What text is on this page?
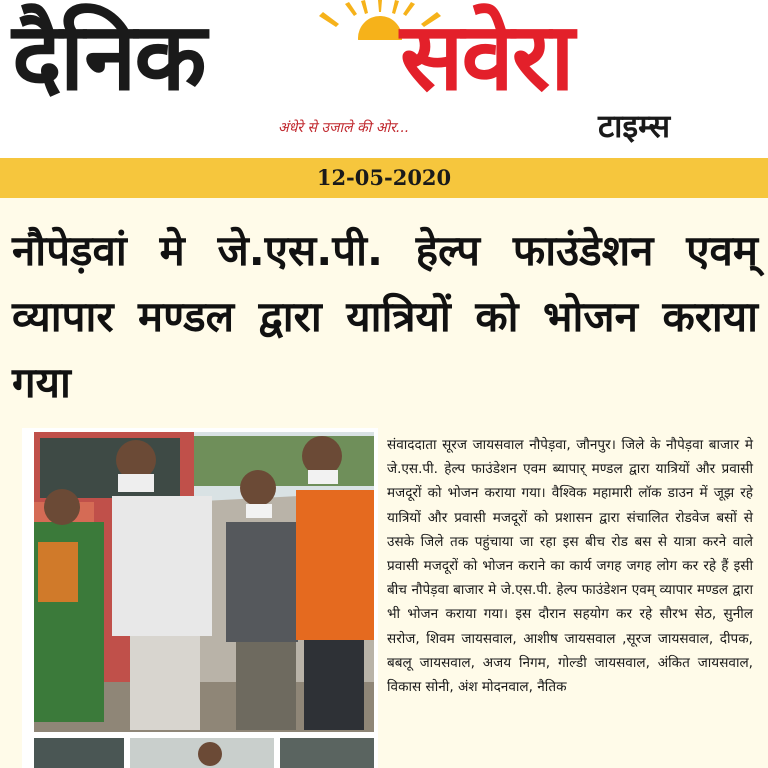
दैनिक सवेरा
अंधेरे से उजाले की ओर...	टाइम्स
12-05-2020
नौपेड़वां मे जे.एस.पी. हेल्प फाउंडेशन एवम् व्यापार मण्डल द्वारा यात्रियों को भोजन कराया गया
संवाददाता सूरज जायसवाल नौपेड़वा, जौनपुर। जिले के नौपेड़वा बाजार मे जे.एस.पी. हेल्प फाउंडेशन एवम ब्यापार् मण्डल द्वारा यात्रियों और प्रवासी मजदूरों को भोजन कराया गया। वैश्विक महामारी लॉक डाउन में जूझ रहे यात्रियों और प्रवासी मजदूरों को प्रशासन द्वारा संचालित रोडवेज बसों से उसके जिले तक पहुंचाया जा रहा इस बीच रोड बस से यात्रा करने वाले प्रवासी मजदूरों को भोजन कराने का कार्य जगह जगह लोग कर रहे हैं इसी बीच नौपेड़वा बाजार मे जे.एस.पी. हेल्प फाउंडेशन एवम् व्यापार मण्डल द्वारा भी भोजन कराया गया। इस दौरान सहयोग कर रहे सौरभ सेठ, सुनील सरोज, शिवम जायसवाल, आशीष जायसवाल ,सूरज जायसवाल, दीपक, बबलू जायसवाल, अजय निगम, गोल्डी जायसवाल, अंकित जायसवाल, विकास सोनी, अंश मोदनवाल, नैतिक
